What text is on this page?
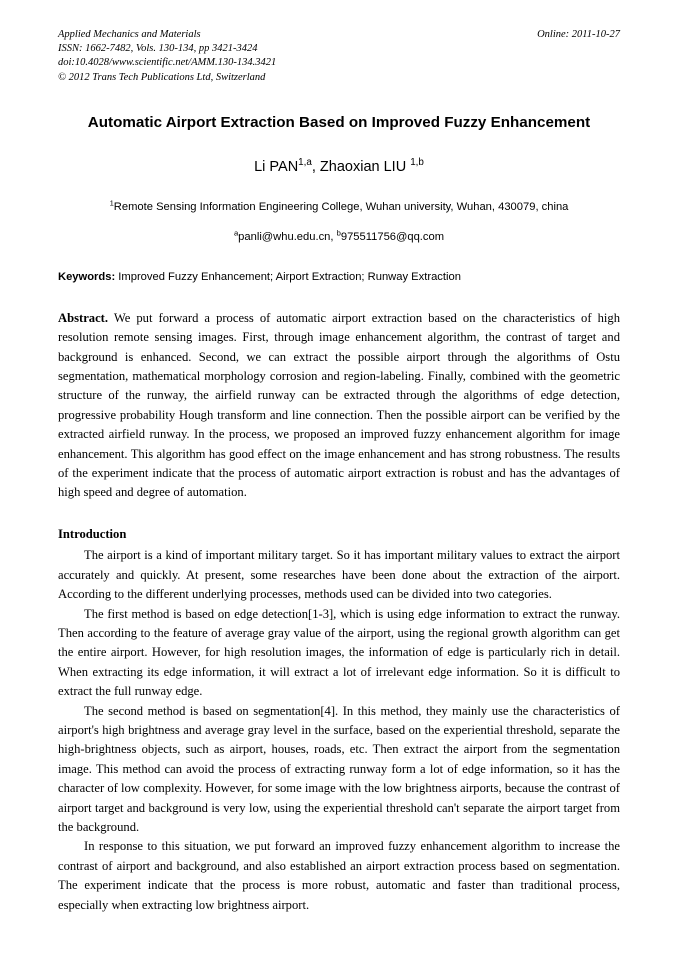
Applied Mechanics and Materials
ISSN: 1662-7482, Vols. 130-134, pp 3421-3424
doi:10.4028/www.scientific.net/AMM.130-134.3421
© 2012 Trans Tech Publications Ltd, Switzerland
Online: 2011-10-27
Automatic Airport Extraction Based on Improved Fuzzy Enhancement
Li PAN$^{1,a}$, Zhaoxian LIU $^{1,b}$
$^1$Remote Sensing Information Engineering College, Wuhan university, Wuhan, 430079, china
$^a$panli@whu.edu.cn, $^b$975511756@qq.com
Keywords: Improved Fuzzy Enhancement; Airport Extraction; Runway Extraction
Abstract. We put forward a process of automatic airport extraction based on the characteristics of high resolution remote sensing images. First, through image enhancement algorithm, the contrast of target and background is enhanced. Second, we can extract the possible airport through the algorithms of Ostu segmentation, mathematical morphology corrosion and region-labeling. Finally, combined with the geometric structure of the runway, the airfield runway can be extracted through the algorithms of edge detection, progressive probability Hough transform and line connection. Then the possible airport can be verified by the extracted airfield runway. In the process, we proposed an improved fuzzy enhancement algorithm for image enhancement. This algorithm has good effect on the image enhancement and has strong robustness. The results of the experiment indicate that the process of automatic airport extraction is robust and has the advantages of high speed and degree of automation.
Introduction

The airport is a kind of important military target. So it has important military values to extract the airport accurately and quickly. At present, some researches have been done about the extraction of the airport. According to the different underlying processes, methods used can be divided into two categories.

The first method is based on edge detection[1-3], which is using edge information to extract the runway. Then according to the feature of average gray value of the airport, using the regional growth algorithm can get the entire airport. However, for high resolution images, the information of edge is particularly rich in detail. When extracting its edge information, it will extract a lot of irrelevant edge information. So it is difficult to extract the full runway edge.

The second method is based on segmentation[4]. In this method, they mainly use the characteristics of airport's high brightness and average gray level in the surface, based on the experiential threshold, separate the high-brightness objects, such as airport, houses, roads, etc. Then extract the airport from the segmentation image. This method can avoid the process of extracting runway form a lot of edge information, so it has the character of low complexity. However, for some image with the low brightness airports, because the contrast of airport target and background is very low, using the experiential threshold can't separate the airport target from the background.

In response to this situation, we put forward an improved fuzzy enhancement algorithm to increase the contrast of airport and background, and also established an airport extraction process based on segmentation. The experiment indicate that the process is more robust, automatic and faster than traditional process, especially when extracting low brightness airport.
